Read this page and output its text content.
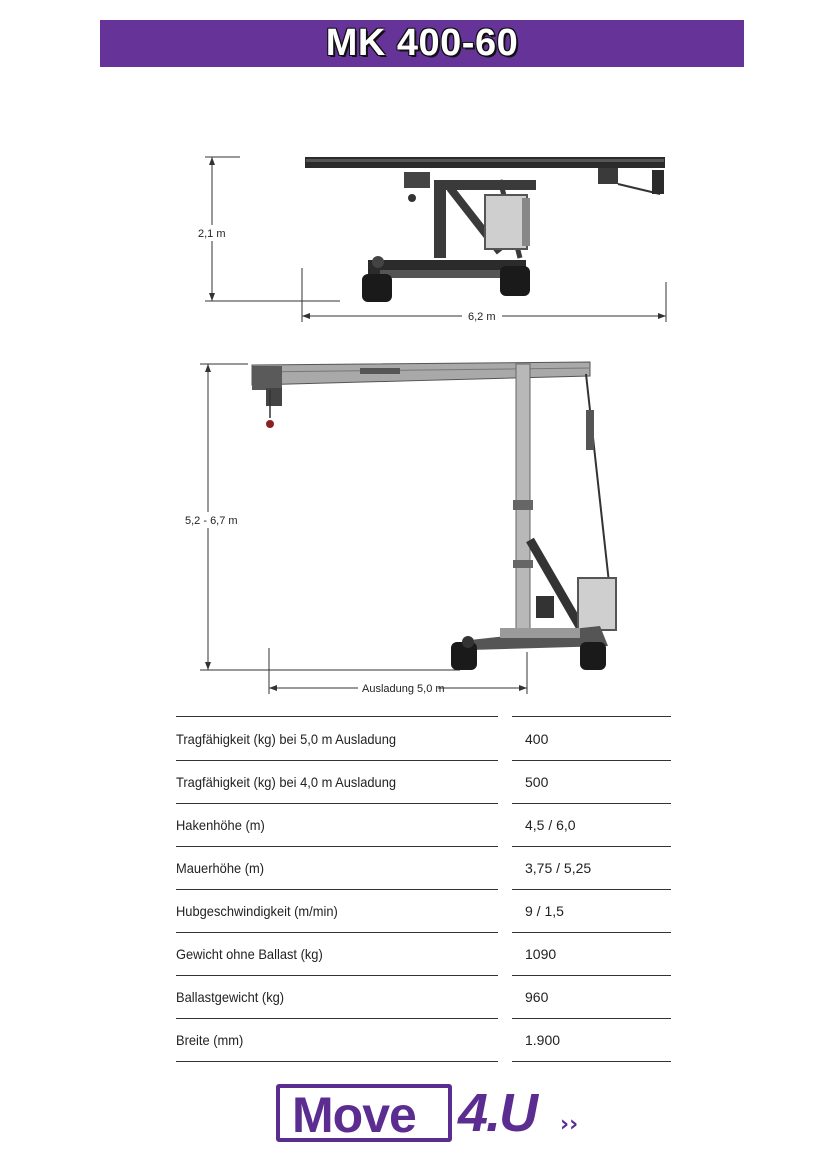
MK 400-60
2,1 m
6,2 m
5,2 - 6,7 m
Ausladung 5,0 m
Tragfähigkeit (kg) bei 5,0 m Ausladung	400
Tragfähigkeit (kg) bei 4,0 m Ausladung	500
Hakenhöhe (m)	4,5 / 6,0
Mauerhöhe (m)	3,75 / 5,25
Hubgeschwindigkeit (m/min)	9 / 1,5
Gewicht ohne Ballast (kg)	1090
Ballastgewicht (kg)	960
Breite (mm)	1.900
Move 4.U ››
